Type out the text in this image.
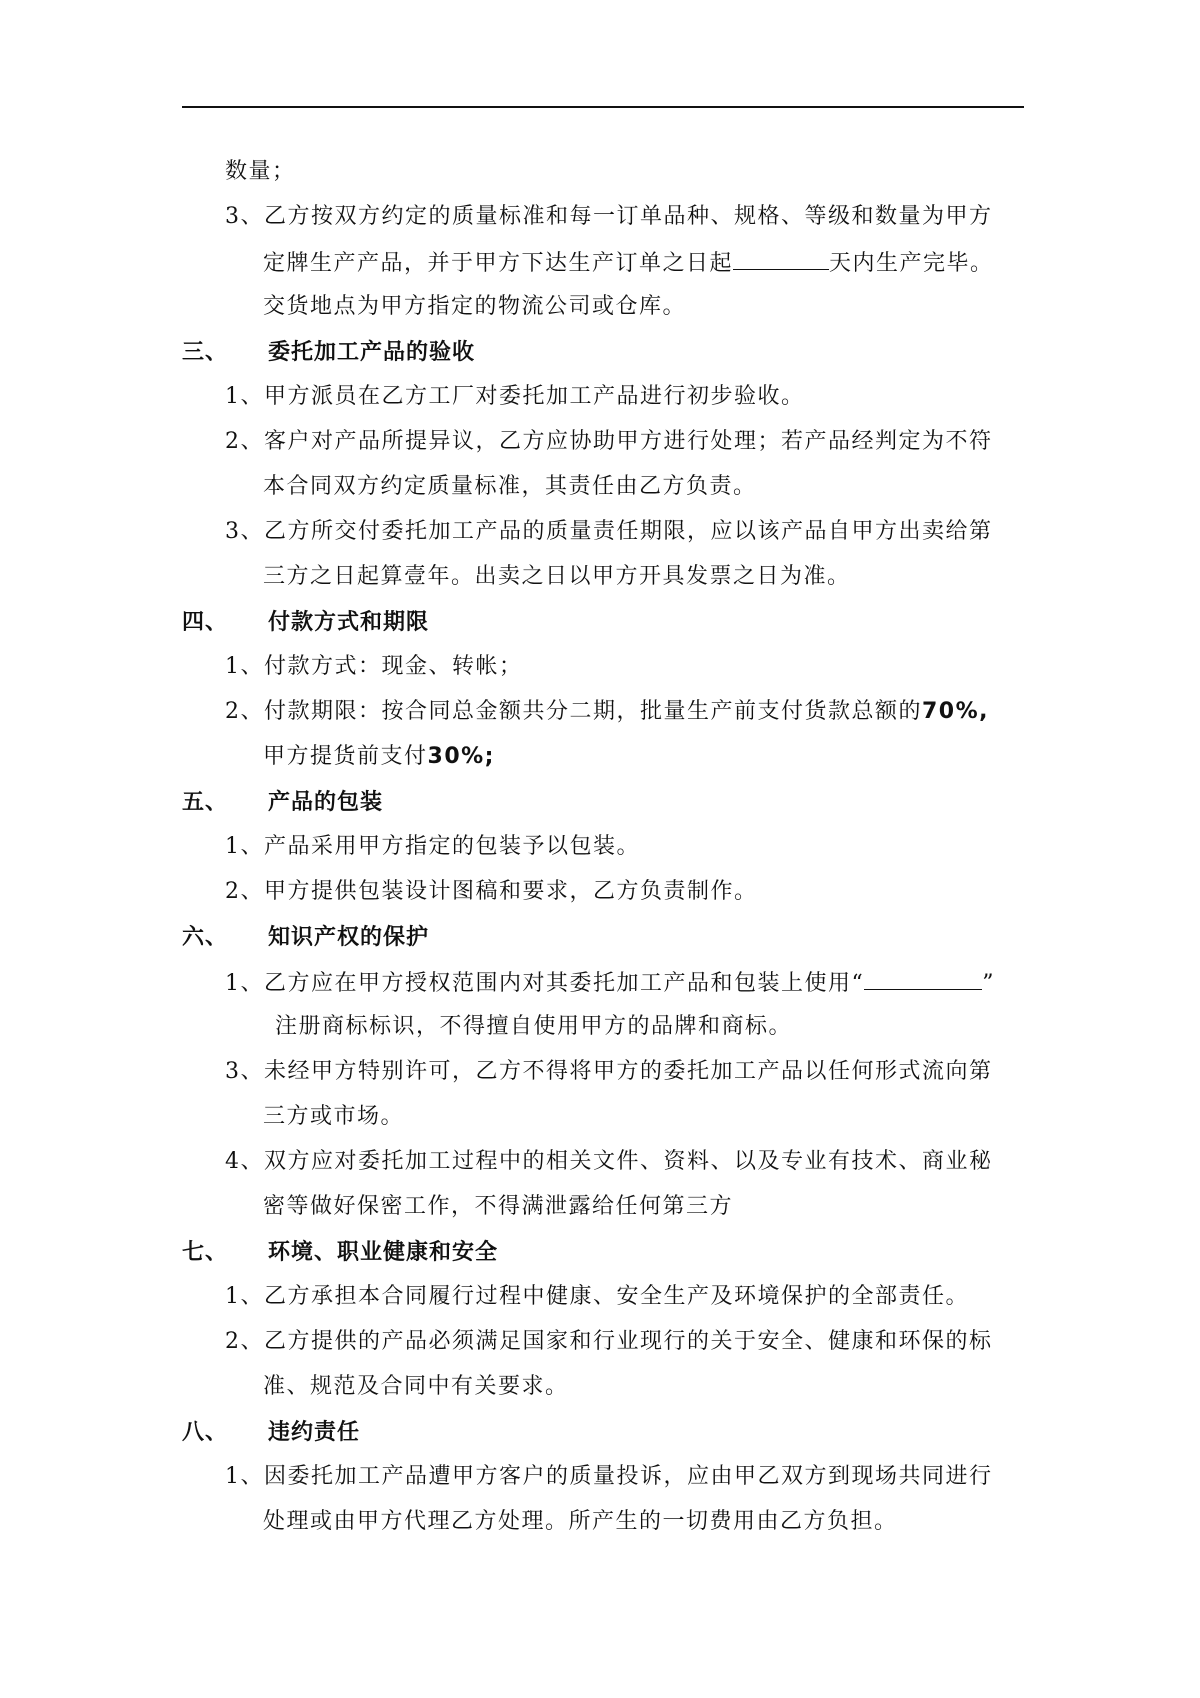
数量；
3、乙方按双方约定的质量标准和每一订单品种、规格、等级和数量为甲方
定牌生产产品，并于甲方下达生产订单之日起	天内生产完毕。
交货地点为甲方指定的物流公司或仓库。
三、 委托加工产品的验收
1、甲方派员在乙方工厂对委托加工产品进行初步验收。
2、客户对产品所提异议，乙方应协助甲方进行处理；若产品经判定为不符
本合同双方约定质量标准，其责任由乙方负责。
3、乙方所交付委托加工产品的质量责任期限，应以该产品自甲方出卖给第
三方之日起算壹年。出卖之日以甲方开具发票之日为准。
四、 付款方式和期限
1、付款方式：现金、转帐；
2、付款期限：按合同总金额共分二期，批量生产前支付货款总额的70%,
甲方提货前支付30%;
五、 产品的包装
1、产品采用甲方指定的包装予以包装。
2、甲方提供包装设计图稿和要求，乙方负责制作。
六、 知识产权的保护
1、乙方应在甲方授权范围内对其委托加工产品和包装上使用“	”
注册商标标识，不得擅自使用甲方的品牌和商标。
3、未经甲方特别许可，乙方不得将甲方的委托加工产品以任何形式流向第
三方或市场。
4、双方应对委托加工过程中的相关文件、资料、以及专业有技术、商业秘
密等做好保密工作，不得满泄露给任何第三方
七、 环境、职业健康和安全
1、乙方承担本合同履行过程中健康、安全生产及环境保护的全部责任。
2、乙方提供的产品必须满足国家和行业现行的关于安全、健康和环保的标
准、规范及合同中有关要求。
八、 违约责任
1、因委托加工产品遭甲方客户的质量投诉，应由甲乙双方到现场共同进行
处理或由甲方代理乙方处理。所产生的一切费用由乙方负担。
